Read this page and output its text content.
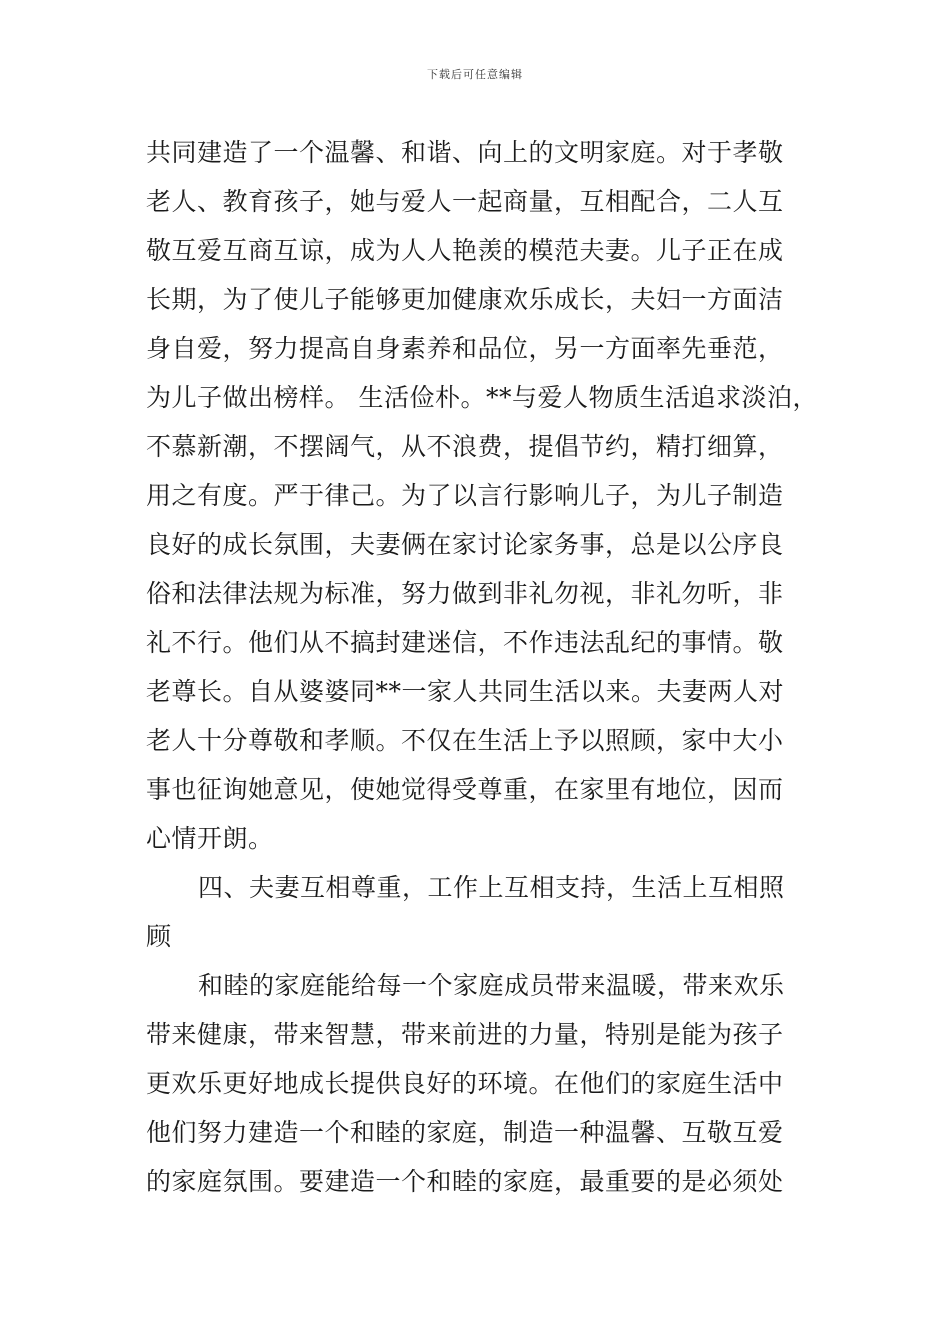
下载后可任意编辑
共同建造了一个温馨、和谐、向上的文明家庭。对于孝敬
老人、教育孩子，她与爱人一起商量，互相配合，二人互
敬互爱互商互谅，成为人人艳羡的模范夫妻。儿子正在成
长期，为了使儿子能够更加健康欢乐成长，夫妇一方面洁
身自爱，努力提高自身素养和品位，另一方面率先垂范，
为儿子做出榜样。 生活俭朴。**与爱人物质生活追求淡泊，
不慕新潮，不摆阔气，从不浪费，提倡节约，精打细算，
用之有度。严于律己。为了以言行影响儿子，为儿子制造
良好的成长氛围，夫妻俩在家讨论家务事，总是以公序良
俗和法律法规为标准，努力做到非礼勿视，非礼勿听，非
礼不行。他们从不搞封建迷信，不作违法乱纪的事情。敬
老尊长。自从婆婆同**一家人共同生活以来。夫妻两人对
老人十分尊敬和孝顺。不仅在生活上予以照顾，家中大小
事也征询她意见，使她觉得受尊重，在家里有地位，因而
心情开朗。
四、夫妻互相尊重，工作上互相支持，生活上互相照
顾
和睦的家庭能给每一个家庭成员带来温暖，带来欢乐
带来健康，带来智慧，带来前进的力量，特别是能为孩子
更欢乐更好地成长提供良好的环境。在他们的家庭生活中
他们努力建造一个和睦的家庭，制造一种温馨、互敬互爱
的家庭氛围。要建造一个和睦的家庭，最重要的是必须处
